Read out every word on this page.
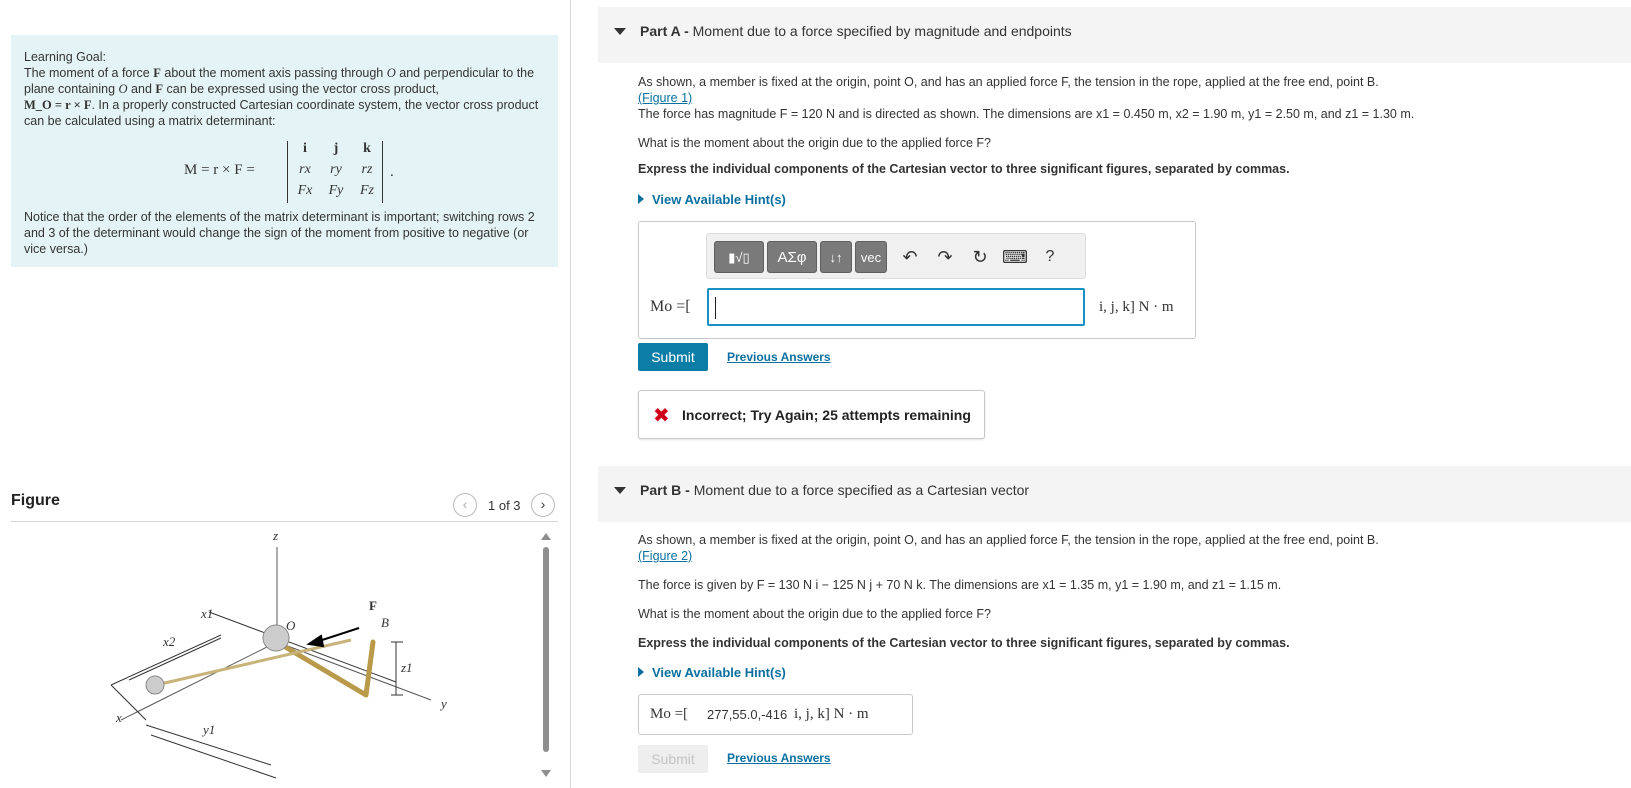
Learning Goal:
The moment of a force F about the moment axis passing through O and perpendicular to the plane containing O and F can be expressed using the vector cross product,
M_O = r × F. In a properly constructed Cartesian coordinate system, the vector cross product can be calculated using a matrix determinant:
M = r × F =
i	j	k
rx	ry	rz
Fx	Fy	Fz
.
Notice that the order of the elements of the matrix determinant is important; switching rows 2 and 3 of the determinant would change the sign of the moment from positive to negative (or vice versa.)
Figure	‹	1 of 3	›
z
x1
x2
O
F
B
z1
y
x
y1
Part A - Moment due to a force specified by magnitude and endpoints
As shown, a member is fixed at the origin, point O, and has an applied force F, the tension in the rope, applied at the free end, point B.
(Figure 1)
The force has magnitude F = 120 N and is directed as shown. The dimensions are x1 = 0.450 m, x2 = 1.90 m, y1 = 2.50 m, and z1 = 1.30 m.
What is the moment about the origin due to the applied force F?
Express the individual components of the Cartesian vector to three significant figures, separated by commas.
View Available Hint(s)
▮√▯	ΑΣφ	↓↑	vec	↶	↷	↻ ⌨	?
Mo =[	i, j, k] N · m
Submit	Previous Answers
✖ Incorrect; Try Again; 25 attempts remaining
Part B - Moment due to a force specified as a Cartesian vector
As shown, a member is fixed at the origin, point O, and has an applied force F, the tension in the rope, applied at the free end, point B.
(Figure 2)
The force is given by F = 130 N i − 125 N j + 70 N k. The dimensions are x1 = 1.35 m, y1 = 1.90 m, and z1 = 1.15 m.
What is the moment about the origin due to the applied force F?
Express the individual components of the Cartesian vector to three significant figures, separated by commas.
View Available Hint(s)
Mo =[ 277,55.0,-416 i, j, k] N · m
Submit	Previous Answers
